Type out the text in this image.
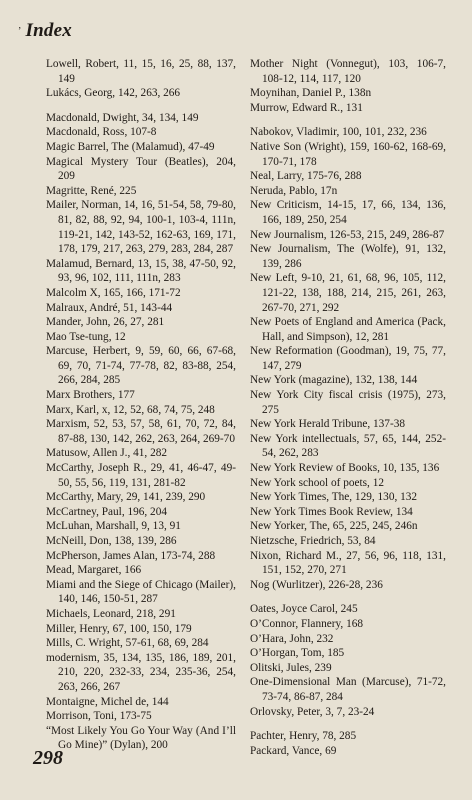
’ Index

Lowell, Robert, 11, 15, 16, 25, 88, 137, 149

Lukács, Georg, 142, 263, 266

Macdonald, Dwight, 34, 134, 149

Macdonald, Ross, 107-8

Magic Barrel, The (Malamud), 47-49

Magical Mystery Tour (Beatles), 204, 209

Magritte, René, 225

Mailer, Norman, 14, 16, 51-54, 58, 79-80, 81, 82, 88, 92, 94, 100-1, 103-4, 111n, 119-21, 142, 143-52, 162-63, 169, 171, 178, 179, 217, 263, 279, 283, 284, 287

Malamud, Bernard, 13, 15, 38, 47-50, 92, 93, 96, 102, 111, 111n, 283

Malcolm X, 165, 166, 171-72

Malraux, André, 51, 143-44

Mander, John, 26, 27, 281

Mao Tse-tung, 12

Marcuse, Herbert, 9, 59, 60, 66, 67-68, 69, 70, 71-74, 77-78, 82, 83-88, 254, 266, 284, 285

Marx Brothers, 177

Marx, Karl, x, 12, 52, 68, 74, 75, 248

Marxism, 52, 53, 57, 58, 61, 70, 72, 84, 87-88, 130, 142, 262, 263, 264, 269-70

Matusow, Allen J., 41, 282

McCarthy, Joseph R., 29, 41, 46-47, 49-50, 55, 56, 119, 131, 281-82

McCarthy, Mary, 29, 141, 239, 290

McCartney, Paul, 196, 204

McLuhan, Marshall, 9, 13, 91

McNeill, Don, 138, 139, 286

McPherson, James Alan, 173-74, 288

Mead, Margaret, 166

Miami and the Siege of Chicago (Mailer), 140, 146, 150-51, 287

Michaels, Leonard, 218, 291

Miller, Henry, 67, 100, 150, 179

Mills, C. Wright, 57-61, 68, 69, 284

modernism, 35, 134, 135, 186, 189, 201, 210, 220, 232-33, 234, 235-36, 254, 263, 266, 267

Montaigne, Michel de, 144

Morrison, Toni, 173-75

“Most Likely You Go Your Way (And I’ll Go Mine)” (Dylan), 200

Mother Night (Vonnegut), 103, 106-7, 108-12, 114, 117, 120

Moynihan, Daniel P., 138n

Murrow, Edward R., 131

Nabokov, Vladimir, 100, 101, 232, 236

Native Son (Wright), 159, 160-62, 168-69, 170-71, 178

Neal, Larry, 175-76, 288

Neruda, Pablo, 17n

New Criticism, 14-15, 17, 66, 134, 136, 166, 189, 250, 254

New Journalism, 126-53, 215, 249, 286-87

New Journalism, The (Wolfe), 91, 132, 139, 286

New Left, 9-10, 21, 61, 68, 96, 105, 112, 121-22, 138, 188, 214, 215, 261, 263, 267-70, 271, 292

New Poets of England and America (Pack, Hall, and Simpson), 12, 281

New Reformation (Goodman), 19, 75, 77, 147, 279

New York (magazine), 132, 138, 144

New York City fiscal crisis (1975), 273, 275

New York Herald Tribune, 137-38

New York intellectuals, 57, 65, 144, 252-54, 262, 283

New York Review of Books, 10, 135, 136

New York school of poets, 12

New York Times, The, 129, 130, 132

New York Times Book Review, 134

New Yorker, The, 65, 225, 245, 246n

Nietzsche, Friedrich, 53, 84

Nixon, Richard M., 27, 56, 96, 118, 131, 151, 152, 270, 271

Nog (Wurlitzer), 226-28, 236

Oates, Joyce Carol, 245

O’Connor, Flannery, 168

O’Hara, John, 232

O’Horgan, Tom, 185

Olitski, Jules, 239

One-Dimensional Man (Marcuse), 71-72, 73-74, 86-87, 284

Orlovsky, Peter, 3, 7, 23-24

Pachter, Henry, 78, 285

Packard, Vance, 69

298
